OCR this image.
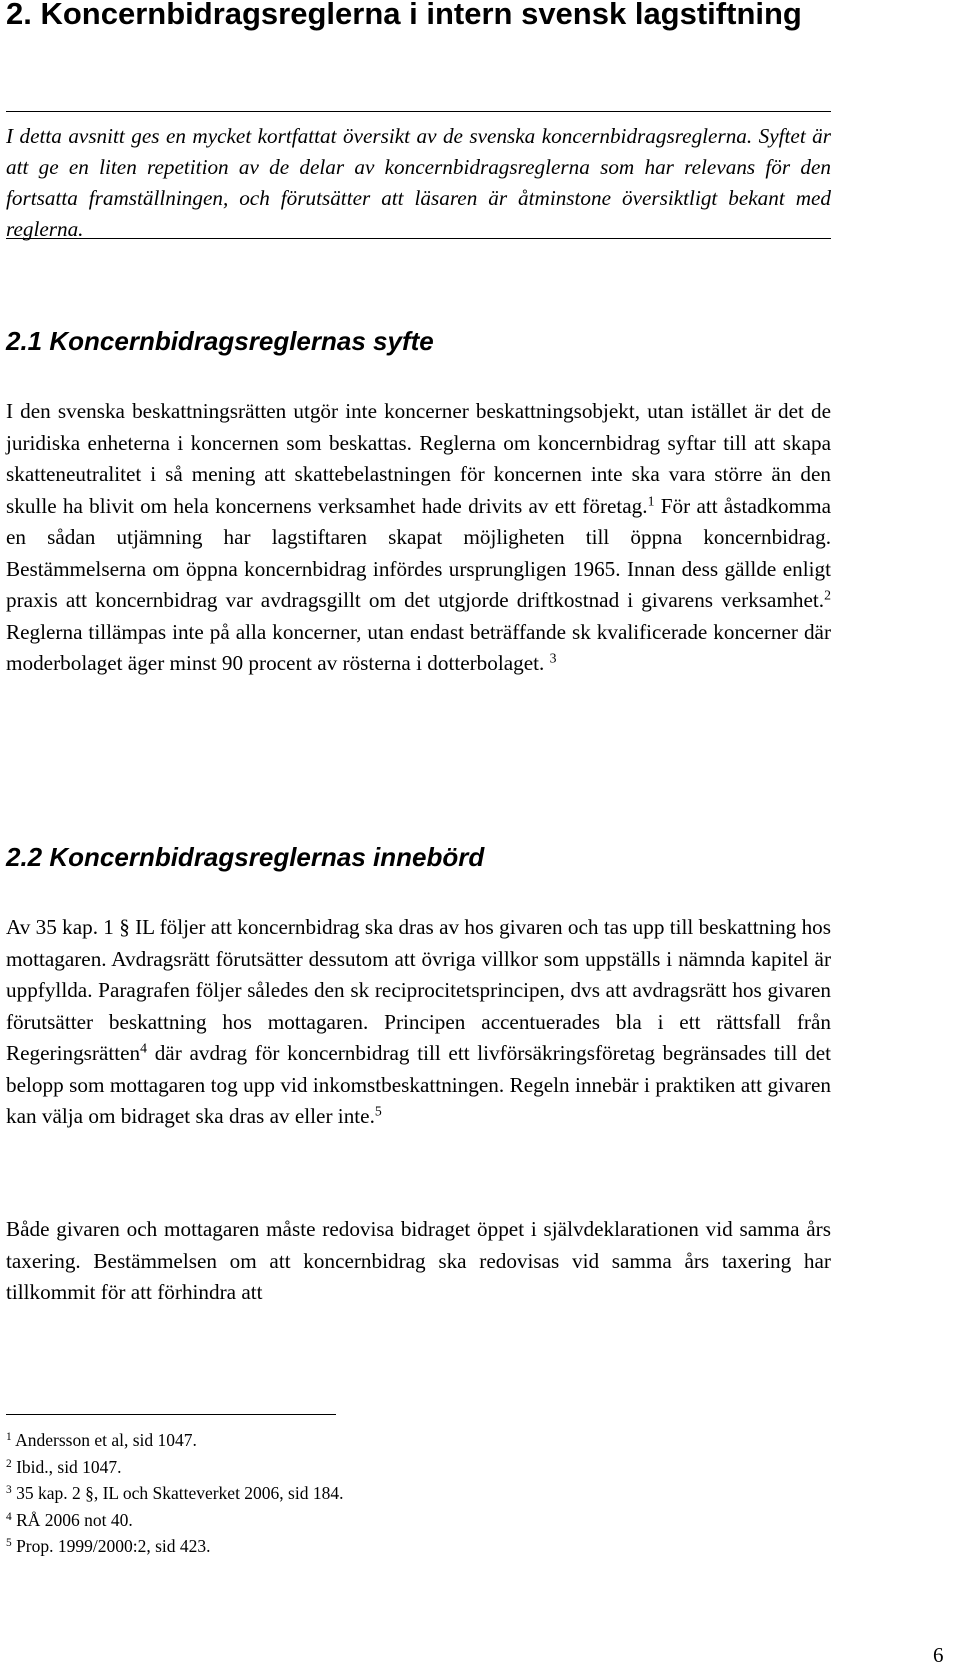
2. Koncernbidragsreglerna i intern svensk lagstiftning

I detta avsnitt ges en mycket kortfattat översikt av de svenska koncernbidragsreglerna. Syftet är att ge en liten repetition av de delar av koncernbidragsreglerna som har relevans för den fortsatta framställningen, och förutsätter att läsaren är åtminstone översiktligt bekant med reglerna.

2.1 Koncernbidragsreglernas syfte

I den svenska beskattningsrätten utgör inte koncerner beskattningsobjekt, utan istället är det de juridiska enheterna i koncernen som beskattas. Reglerna om koncernbidrag syftar till att skapa skatteneutralitet i så mening att skattebelastningen för koncernen inte ska vara större än den skulle ha blivit om hela koncernens verksamhet hade drivits av ett företag.$^1$ För att åstadkomma en sådan utjämning har lagstiftaren skapat möjligheten till öppna koncernbidrag. Bestämmelserna om öppna koncernbidrag infördes ursprungligen 1965. Innan dess gällde enligt praxis att koncernbidrag var avdragsgillt om det utgjorde driftkostnad i givarens verksamhet.$^2$ Reglerna tillämpas inte på alla koncerner, utan endast beträffande sk kvalificerade koncerner där moderbolaget äger minst 90 procent av rösterna i dotterbolaget. $^3$

2.2 Koncernbidragsreglernas innebörd

Av 35 kap. 1 § IL följer att koncernbidrag ska dras av hos givaren och tas upp till beskattning hos mottagaren. Avdragsrätt förutsätter dessutom att övriga villkor som uppställs i nämnda kapitel är uppfyllda. Paragrafen följer således den sk reciprocitetsprincipen, dvs att avdragsrätt hos givaren förutsätter beskattning hos mottagaren. Principen accentuerades bla i ett rättsfall från Regeringsrätten$^4$ där avdrag för koncernbidrag till ett livförsäkringsföretag begränsades till det belopp som mottagaren tog upp vid inkomstbeskattningen. Regeln innebär i praktiken att givaren kan välja om bidraget ska dras av eller inte.$^5$

Både givaren och mottagaren måste redovisa bidraget öppet i självdeklarationen vid samma års taxering. Bestämmelsen om att koncernbidrag ska redovisas vid samma års taxering har tillkommit för att förhindra att

$^1$ Andersson et al, sid 1047.
$^2$ Ibid., sid 1047.
$^3$ 35 kap. 2 §, IL och Skatteverket 2006, sid 184.
$^4$ RÅ 2006 not 40.
$^5$ Prop. 1999/2000:2, sid 423.
6
